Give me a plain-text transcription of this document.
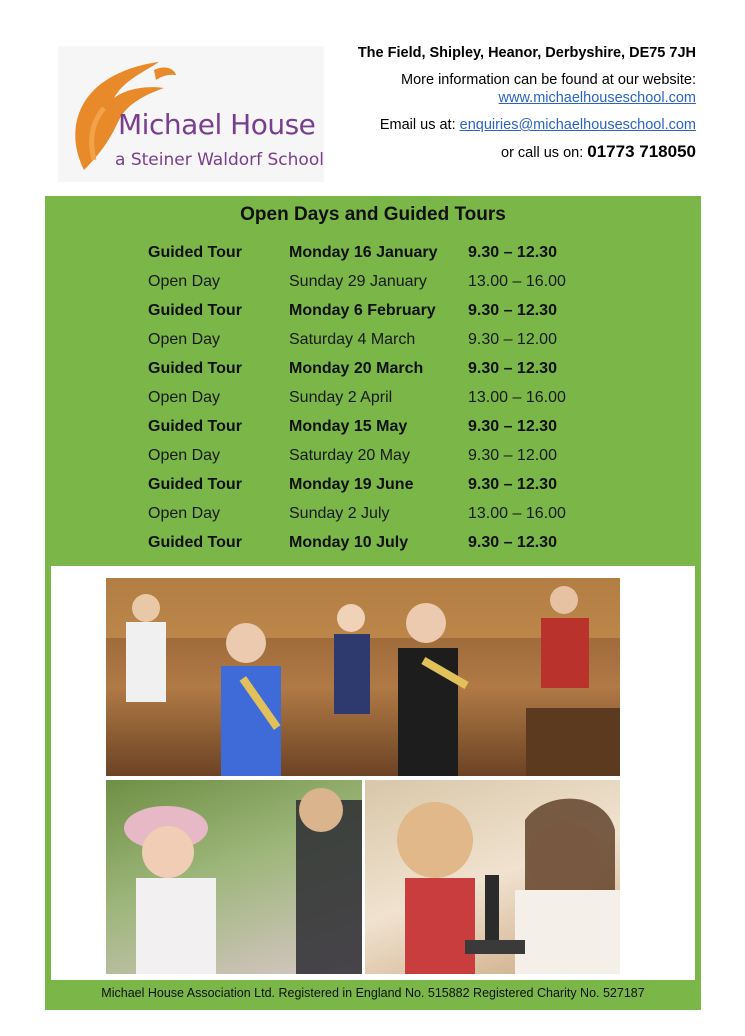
Michael House
a Steiner Waldorf School
The Field, Shipley, Heanor, Derbyshire, DE75 7JH
More information can be found at our website:
www.michaelhouseschool.com
Email us at: enquiries@michaelhouseschool.com
or call us on: 01773 718050
Open Days and Guided Tours
Guided Tour	Monday 16 January 9.30 – 12.30
Open Day	Sunday 29 January	13.00 – 16.00
Guided Tour	Monday 6 February 9.30 – 12.30
Open Day	Saturday 4 March	9.30 – 12.00
Guided Tour	Monday 20 March	9.30 – 12.30
Open Day	Sunday 2 April	13.00 – 16.00
Guided Tour	Monday 15 May	9.30 – 12.30
Open Day	Saturday 20 May	9.30 – 12.00
Guided Tour	Monday 19 June	9.30 – 12.30
Open Day	Sunday 2 July	13.00 – 16.00
Guided Tour	Monday 10 July	9.30 – 12.30
Michael House Association Ltd. Registered in England No. 515882 Registered Charity No. 527187
